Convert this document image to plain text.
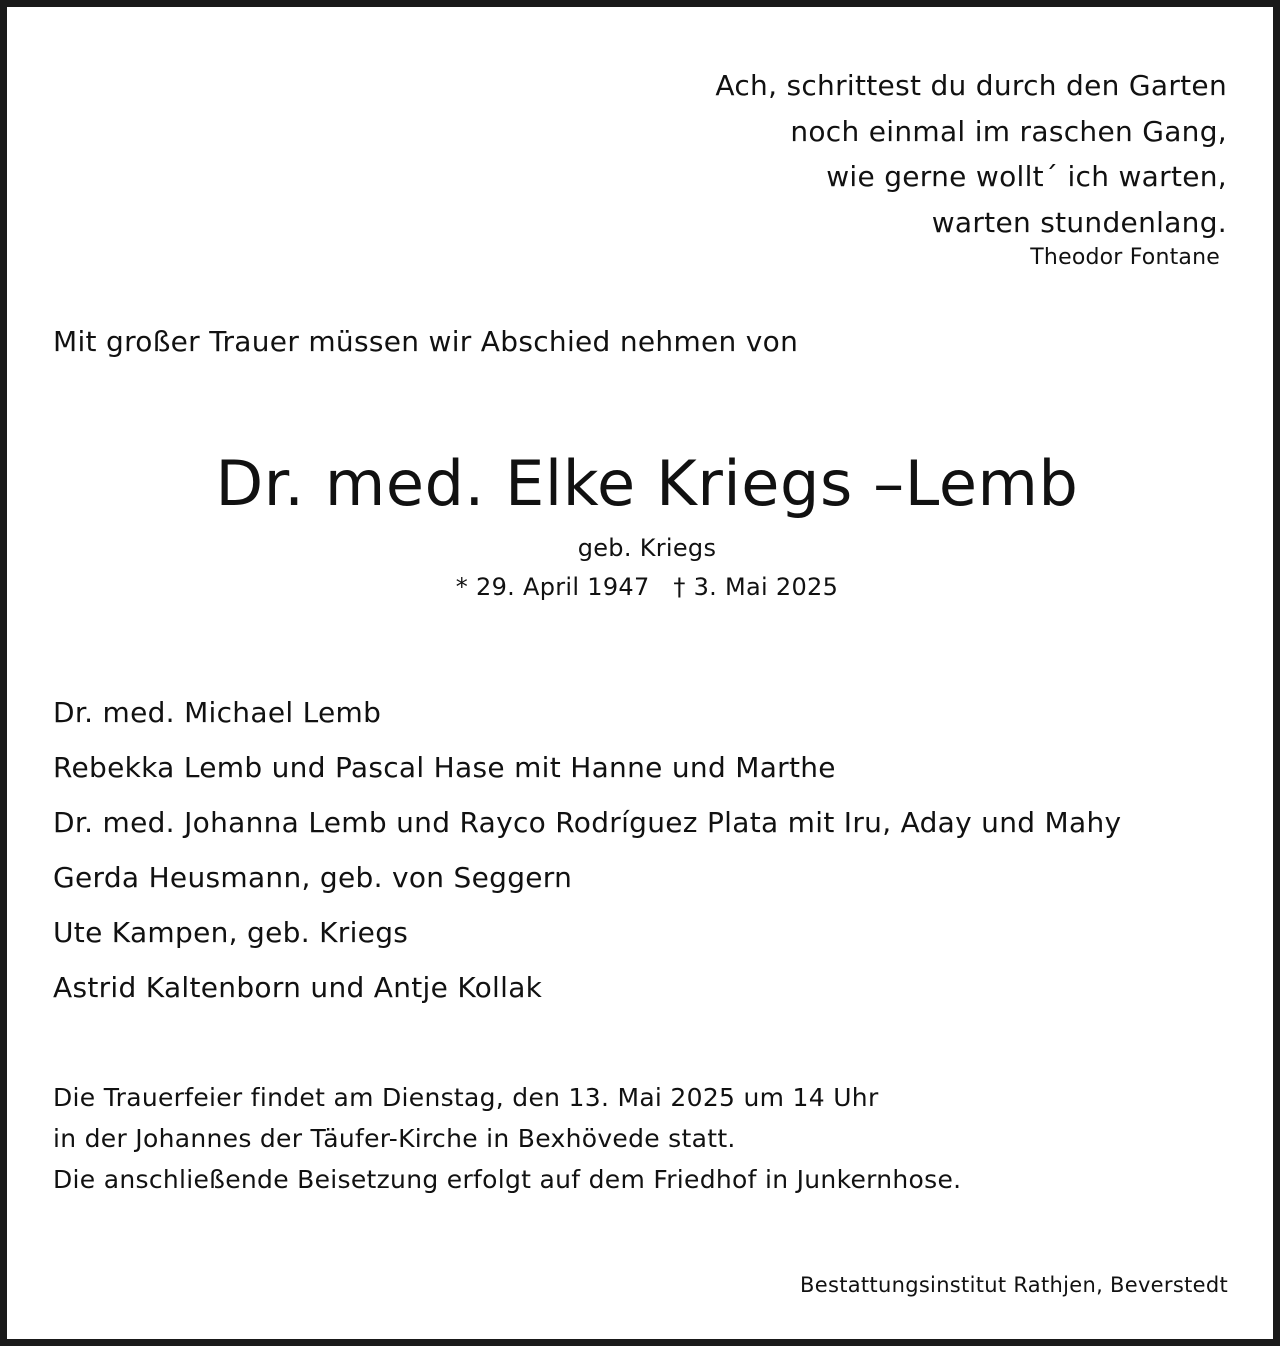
Ach, schrittest du durch den Garten
noch einmal im raschen Gang,
wie gerne wollt´ ich warten,
warten stundenlang.
Theodor Fontane
Mit großer Trauer müssen wir Abschied nehmen von
Dr. med. Elke Kriegs –Lemb
geb. Kriegs
* 29. April 1947   † 3. Mai 2025
Dr. med. Michael Lemb
Rebekka Lemb und Pascal Hase mit Hanne und Marthe
Dr. med. Johanna Lemb und Rayco Rodríguez Plata mit Iru, Aday und Mahy
Gerda Heusmann, geb. von Seggern
Ute Kampen, geb. Kriegs
Astrid Kaltenborn und Antje Kollak
Die Trauerfeier findet am Dienstag, den 13. Mai 2025 um 14 Uhr
in der Johannes der Täufer-Kirche in Bexhövede statt.
Die anschließende Beisetzung erfolgt auf dem Friedhof in Junkernhose.
Bestattungsinstitut Rathjen, Beverstedt
